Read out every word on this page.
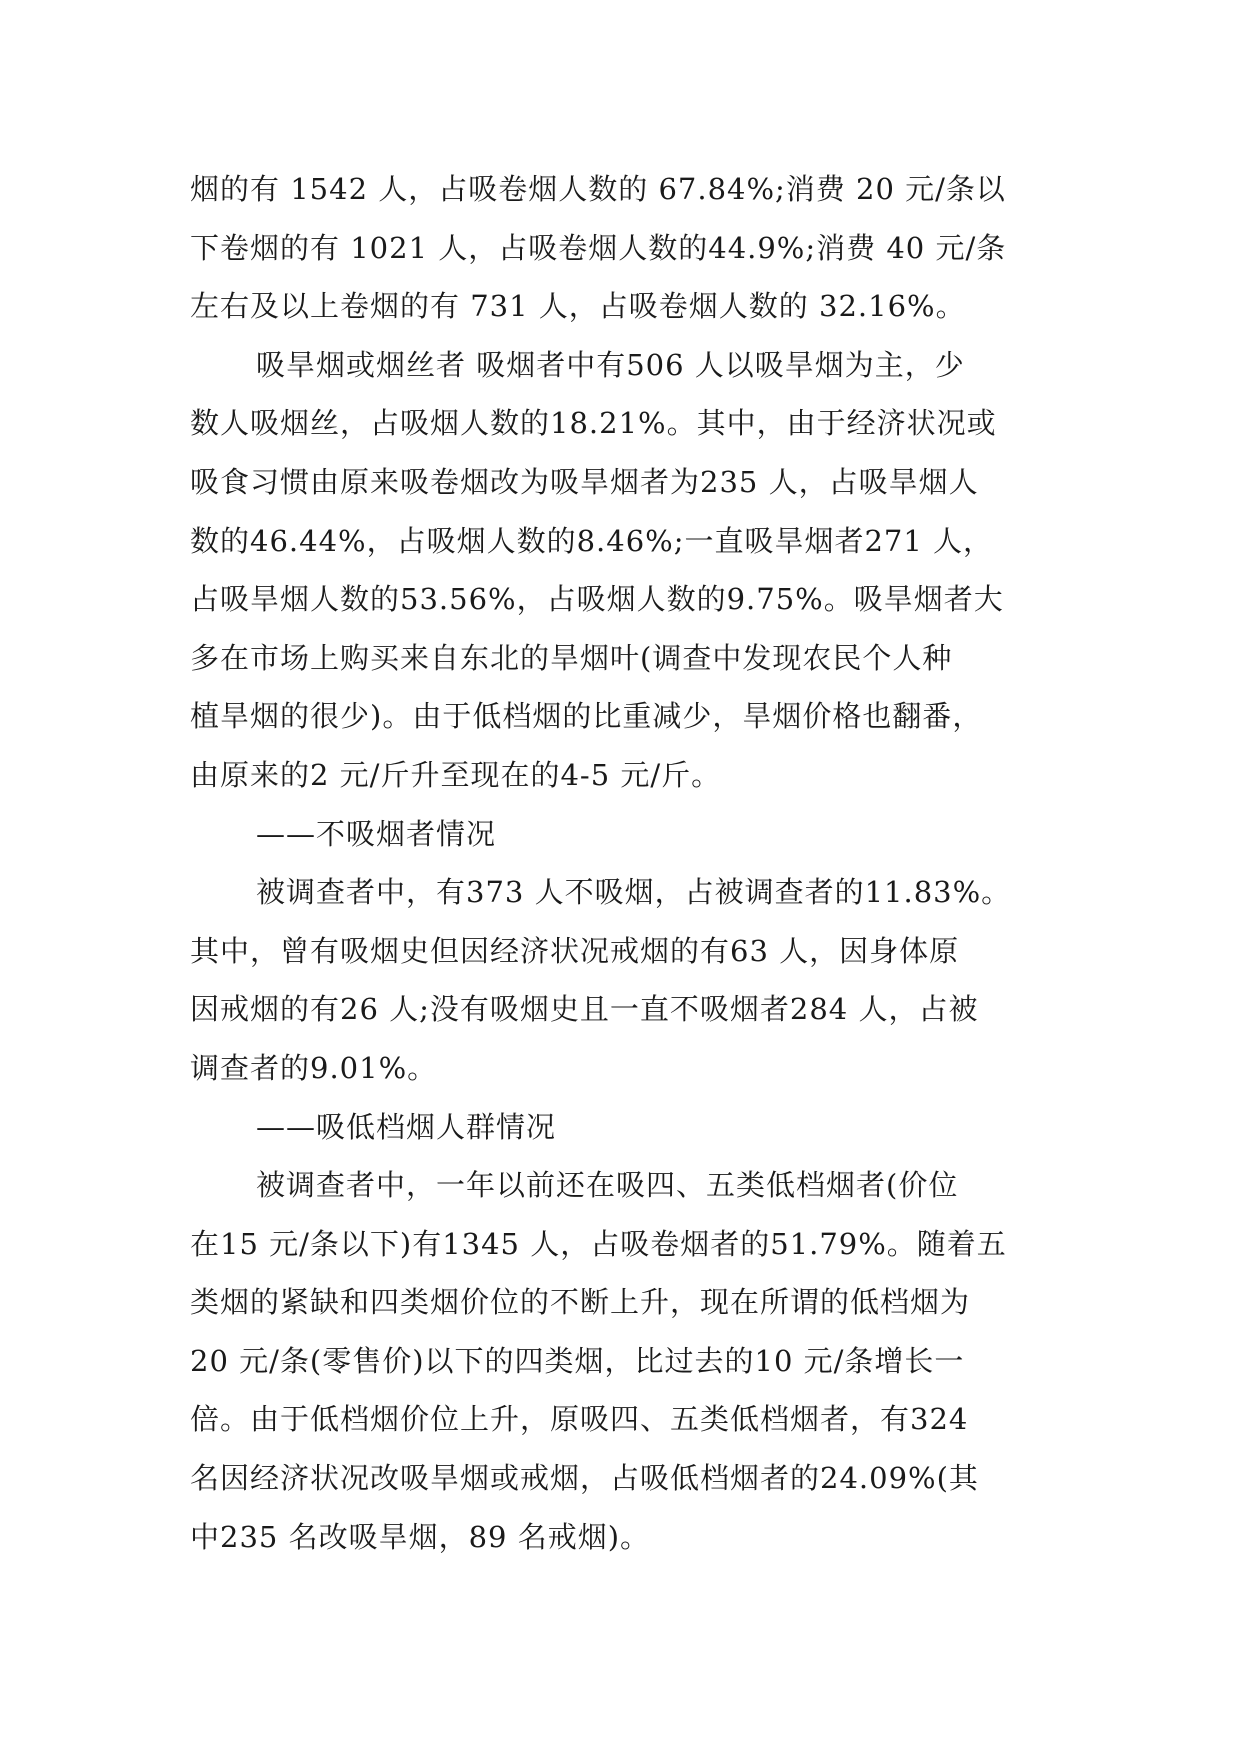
烟的有 1542 人，占吸卷烟人数的 67.84%;消费 20 元/条以
下卷烟的有 1021 人，占吸卷烟人数的44.9%;消费 40 元/条
左右及以上卷烟的有 731 人，占吸卷烟人数的 32.16%。
吸旱烟或烟丝者 吸烟者中有506 人以吸旱烟为主，少
数人吸烟丝，占吸烟人数的18.21%。其中，由于经济状况或
吸食习惯由原来吸卷烟改为吸旱烟者为235 人，占吸旱烟人
数的46.44%，占吸烟人数的8.46%;一直吸旱烟者271 人，
占吸旱烟人数的53.56%，占吸烟人数的9.75%。吸旱烟者大
多在市场上购买来自东北的旱烟叶(调查中发现农民个人种
植旱烟的很少)。由于低档烟的比重减少，旱烟价格也翻番，
由原来的2 元/斤升至现在的4-5 元/斤。
——不吸烟者情况
被调查者中，有373 人不吸烟，占被调查者的11.83%。
其中，曾有吸烟史但因经济状况戒烟的有63 人，因身体原
因戒烟的有26 人;没有吸烟史且一直不吸烟者284 人，占被
调查者的9.01%。
——吸低档烟人群情况
被调查者中，一年以前还在吸四、五类低档烟者(价位
在15 元/条以下)有1345 人，占吸卷烟者的51.79%。随着五
类烟的紧缺和四类烟价位的不断上升，现在所谓的低档烟为
20 元/条(零售价)以下的四类烟，比过去的10 元/条增长一
倍。由于低档烟价位上升，原吸四、五类低档烟者，有324
名因经济状况改吸旱烟或戒烟，占吸低档烟者的24.09%(其
中235 名改吸旱烟，89 名戒烟)。
